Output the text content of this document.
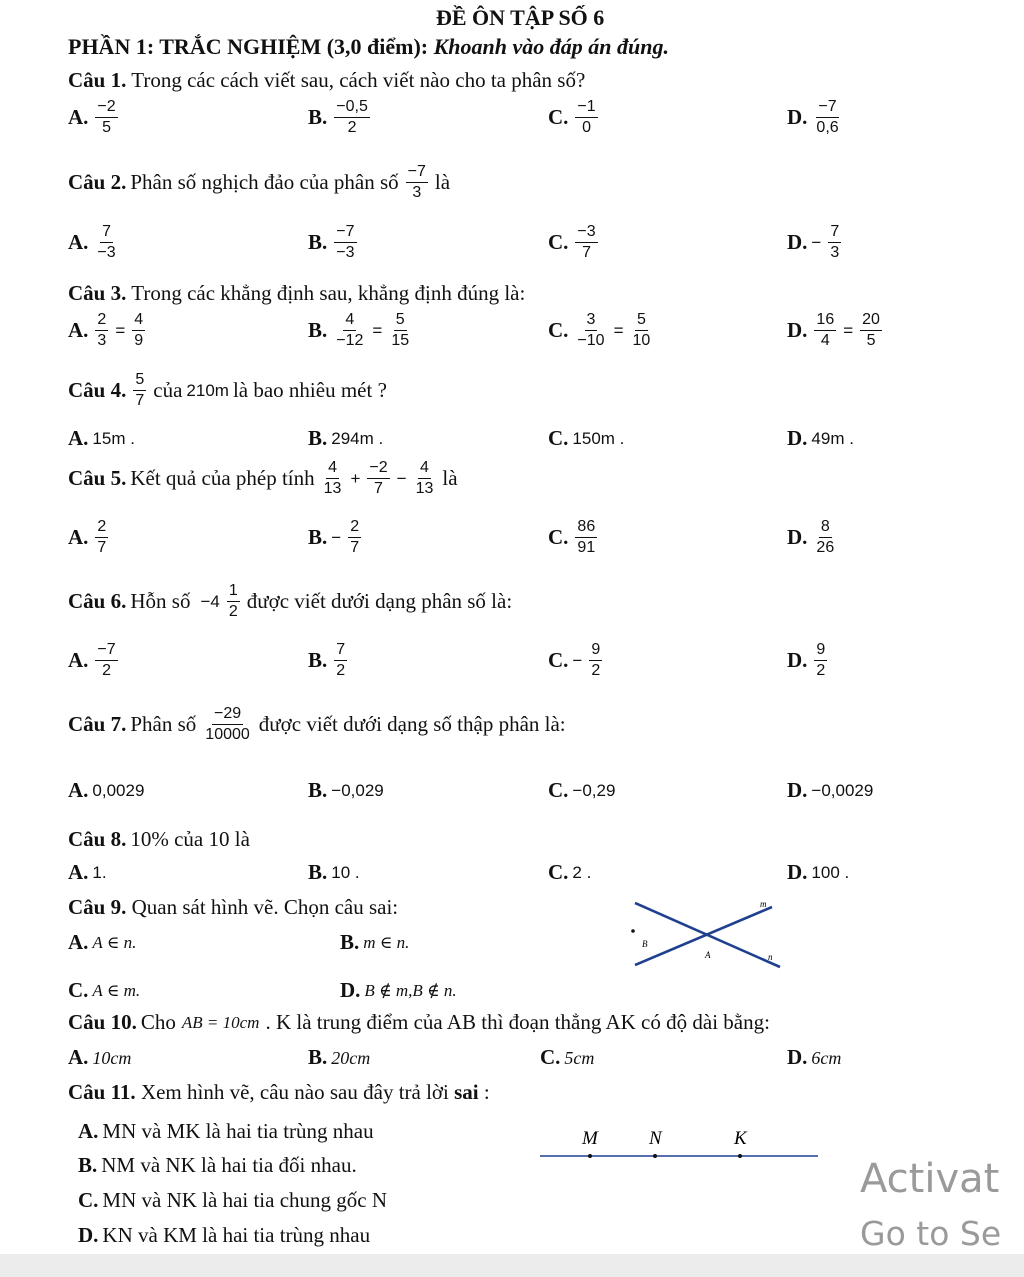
ĐỀ ÔN TẬP SỐ 6
PHẦN 1: TRẮC NGHIỆM (3,0 điểm): Khoanh vào đáp án đúng.
Câu 1. Trong các cách viết sau, cách viết nào cho ta phân số?
A. $\frac{-2}{5}$	B. $\frac{-0,5}{2}$	C. $\frac{-1}{0}$	D. $\frac{-7}{0,6}$
Câu 2. Phân số nghịch đảo của phân số $\frac{-7}{3}$ là
A. $\frac{7}{-3}$	B. $\frac{-7}{-3}$	C. $\frac{-3}{7}$	D. − $\frac{7}{3}$
Câu 3. Trong các khẳng định sau, khẳng định đúng là:
A. $\frac{2}{3} = \frac{4}{9}$	B. $\frac{4}{-12} = \frac{5}{15}$	C. $\frac{3}{-10} = \frac{5}{10}$	D. $\frac{16}{4} = \frac{20}{5}$
Câu 4. $\frac{5}{7}$ của 210m là bao nhiêu mét ?
A. 15m .	B. 294m .	C. 150m .	D. 49m .
Câu 5. Kết quả của phép tính $\frac{4}{13} + \frac{-2}{7} - \frac{4}{13}$ là
A. $\frac{2}{7}$	B. − $\frac{2}{7}$	C. $\frac{86}{91}$	D. $\frac{8}{26}$
Câu 6. Hỗn số $-4 \frac{1}{2}$ được viết dưới dạng phân số là:
A. $\frac{-7}{2}$	B. $\frac{7}{2}$	C. − $\frac{9}{2}$	D. $\frac{9}{2}$
Câu 7. Phân số $\frac{-29}{10000}$ được viết dưới dạng số thập phân là:
A. 0,0029	B. −0,029	C. −0,29	D. −0,0029
Câu 8. 10% của 10 là
A. 1.	B. 10 .	C. 2 .	D. 100 .
Câu 9. Quan sát hình vẽ. Chọn câu sai:
A. A ∈ n.	B. m ∈ n.
C. A ∈ m.	D. B ∉ m,B ∉ n.
m
B
A	n
Câu 10. Cho AB = 10cm . K là trung điểm của AB thì đoạn thẳng AK có độ dài bằng:
A. 10cm	B. 20cm	C. 5cm	D. 6cm
Câu 11. Xem hình vẽ, câu nào sau đây trả lời sai :
A. MN và MK là hai tia trùng nhau
B. NM và NK là hai tia đối nhau.
C. MN và NK là hai tia chung gốc N
D. KN và KM là hai tia trùng nhau
M	N	K
Activat
Go to Se
